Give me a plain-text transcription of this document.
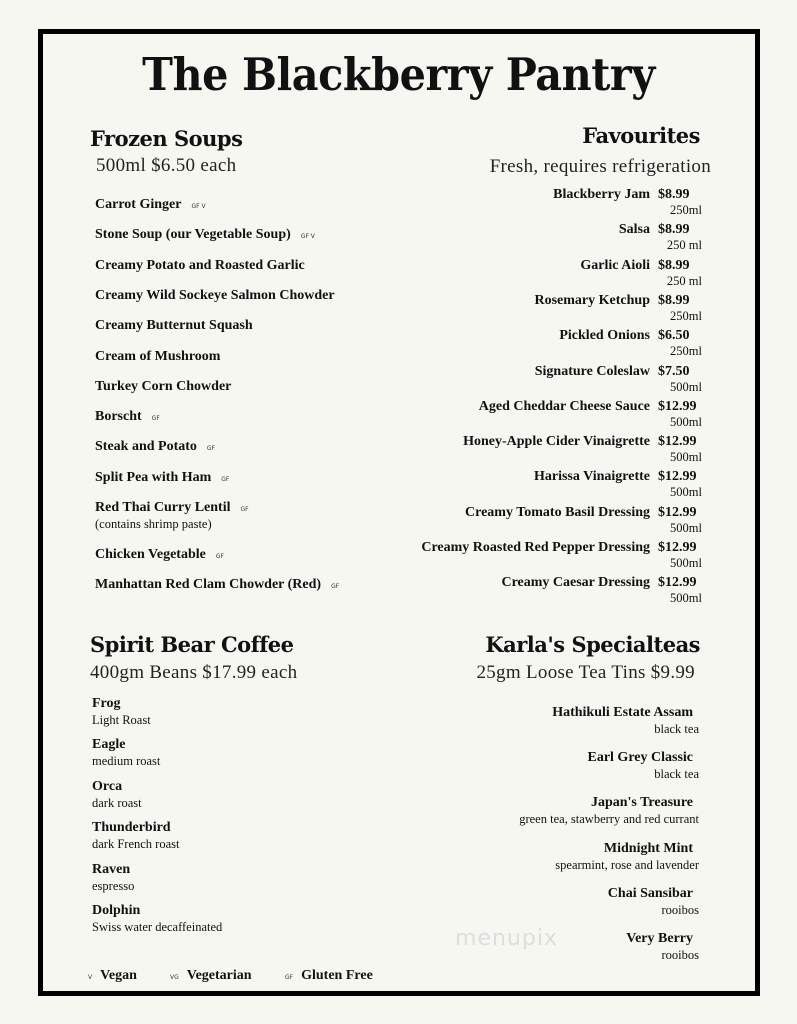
The Blackberry Pantry
Frozen Soups
500ml $6.50 each
Favourites
Fresh, requires refrigeration
Spirit Bear Coffee
400gm Beans $17.99 each
Karla's Specialteas
25gm Loose Tea Tins $9.99
menupix
Carrot Ginger GF V
Stone Soup (our Vegetable Soup) GF V
Creamy Potato and Roasted Garlic
Creamy Wild Sockeye Salmon Chowder
Creamy Butternut Squash
Cream of Mushroom
Turkey Corn Chowder
Borscht GF
Steak and Potato GF
Split Pea with Ham GF
Red Thai Curry Lentil GF
(contains shrimp paste)
Chicken Vegetable GF
Manhattan Red Clam Chowder (Red) GF
Blackberry Jam $8.99
250ml
Salsa $8.99
250 ml
Garlic Aioli $8.99
250 ml
Rosemary Ketchup $8.99
250ml
Pickled Onions $6.50
250ml
Signature Coleslaw $7.50
500ml
Aged Cheddar Cheese Sauce $12.99
500ml
Honey-Apple Cider Vinaigrette $12.99
500ml
Harissa Vinaigrette $12.99
500ml
Creamy Tomato Basil Dressing $12.99
500ml
Creamy Roasted Red Pepper Dressing $12.99
500ml
Creamy Caesar Dressing $12.99
500ml
Frog
Light Roast
Eagle
medium roast
Orca
dark roast
Thunderbird
dark French roast
Raven
espresso
Dolphin
Swiss water decaffeinated
Hathikuli Estate Assam
black tea
Earl Grey Classic
black tea
Japan's Treasure
green tea, stawberry and red currant
Midnight Mint
spearmint, rose and lavender
Chai Sansibar
rooibos
Very Berry
rooibos
V Vegan	VG Vegetarian	GF Gluten Free
